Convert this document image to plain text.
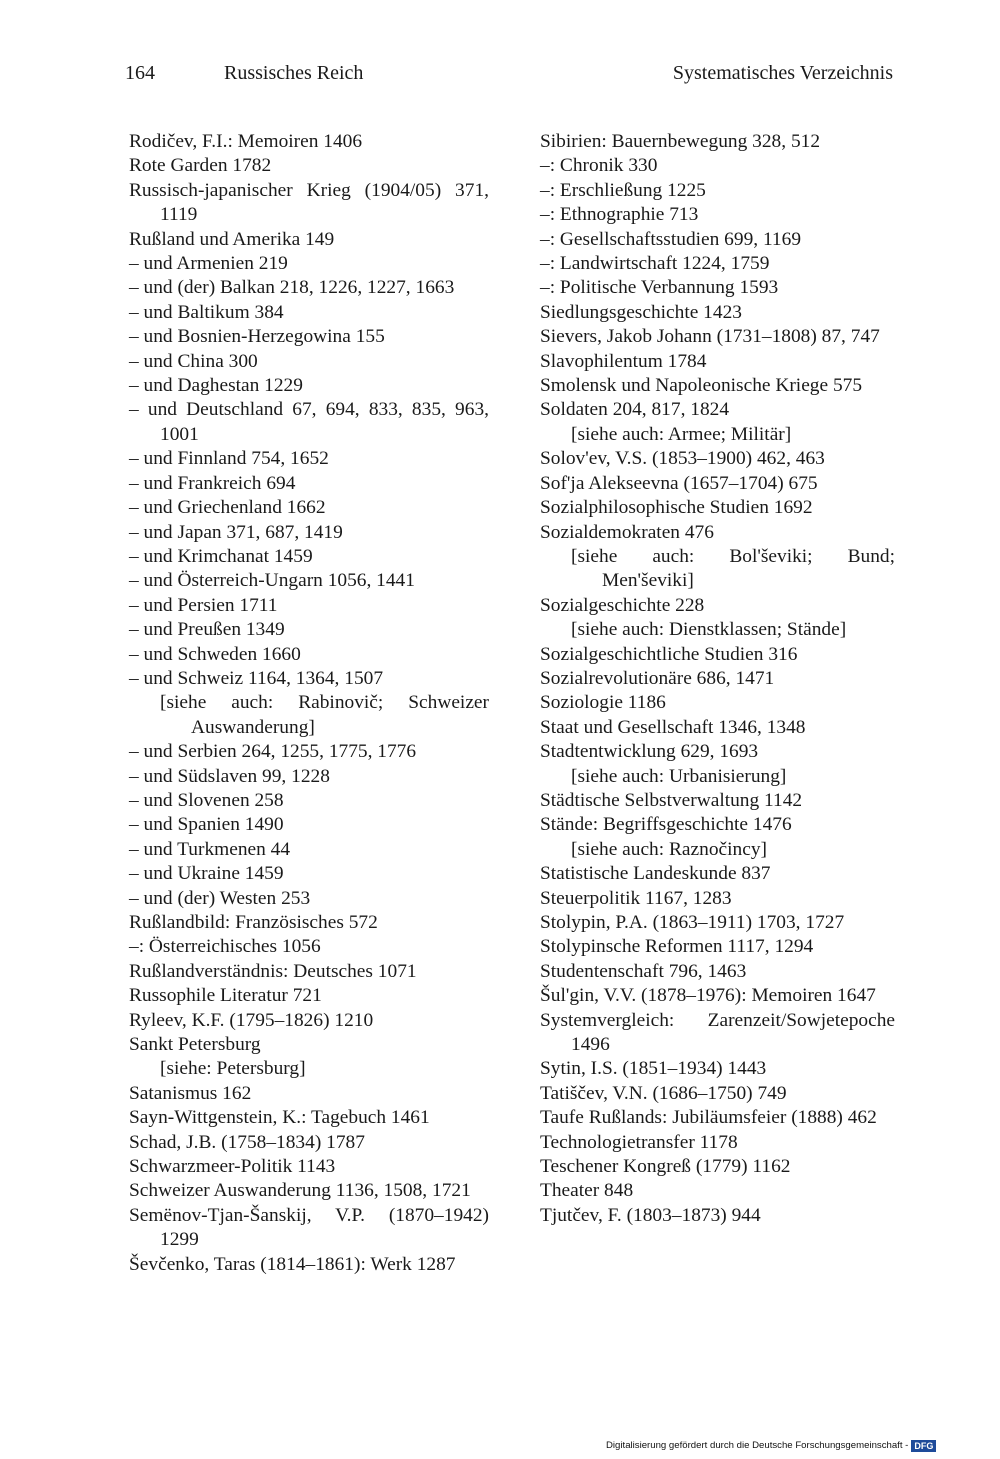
164	Russisches Reich	Systematisches Verzeichnis

Rodičev, F.I.: Memoiren 1406

Rote Garden 1782

Russisch-japanischer Krieg (1904/05) 371, 1119

Rußland und Amerika 149

– und Armenien 219

– und (der) Balkan 218, 1226, 1227, 1663

– und Baltikum 384

– und Bosnien-Herzegowina 155

– und China 300

– und Daghestan 1229

– und Deutschland 67, 694, 833, 835, 963, 1001

– und Finnland 754, 1652

– und Frankreich 694

– und Griechenland 1662

– und Japan 371, 687, 1419

– und Krimchanat 1459

– und Österreich-Ungarn 1056, 1441

– und Persien 1711

– und Preußen 1349

– und Schweden 1660

– und Schweiz 1164, 1364, 1507

[siehe auch: Rabinovič; Schweizer Auswanderung]

– und Serbien 264, 1255, 1775, 1776

– und Südslaven 99, 1228

– und Slovenen 258

– und Spanien 1490

– und Turkmenen 44

– und Ukraine 1459

– und (der) Westen 253

Rußlandbild: Französisches 572

–: Österreichisches 1056

Rußlandverständnis: Deutsches 1071

Russophile Literatur 721

Ryleev, K.F. (1795–1826) 1210

Sankt Petersburg

[siehe: Petersburg]

Satanismus 162

Sayn-Wittgenstein, K.: Tagebuch 1461

Schad, J.B. (1758–1834) 1787

Schwarzmeer-Politik 1143

Schweizer Auswanderung 1136, 1508, 1721

Semënov-Tjan-Šanskij, V.P. (1870–1942) 1299

Ševčenko, Taras (1814–1861): Werk 1287

Sibirien: Bauernbewegung 328, 512

–: Chronik 330

–: Erschließung 1225

–: Ethnographie 713

–: Gesellschaftsstudien 699, 1169

–: Landwirtschaft 1224, 1759

–: Politische Verbannung 1593

Siedlungsgeschichte 1423

Sievers, Jakob Johann (1731–1808) 87, 747

Slavophilentum 1784

Smolensk und Napoleonische Kriege 575

Soldaten 204, 817, 1824

[siehe auch: Armee; Militär]

Solov'ev, V.S. (1853–1900) 462, 463

Sof'ja Alekseevna (1657–1704) 675

Sozialphilosophische Studien 1692

Sozialdemokraten 476

[siehe auch: Bol'ševiki; Bund; Men'ševiki]

Sozialgeschichte 228

[siehe auch: Dienstklassen; Stände]

Sozialgeschichtliche Studien 316

Sozialrevolutionäre 686, 1471

Soziologie 1186

Staat und Gesellschaft 1346, 1348

Stadtentwicklung 629, 1693

[siehe auch: Urbanisierung]

Städtische Selbstverwaltung 1142

Stände: Begriffsgeschichte 1476

[siehe auch: Raznočincy]

Statistische Landeskunde 837

Steuerpolitik 1167, 1283

Stolypin, P.A. (1863–1911) 1703, 1727

Stolypinsche Reformen 1117, 1294

Studentenschaft 796, 1463

Šul'gin, V.V. (1878–1976): Memoiren 1647

Systemvergleich: Zarenzeit/Sowjetepoche 1496

Sytin, I.S. (1851–1934) 1443

Tatiščev, V.N. (1686–1750) 749

Taufe Rußlands: Jubiläumsfeier (1888) 462

Technologietransfer 1178

Teschener Kongreß (1779) 1162

Theater 848

Tjutčev, F. (1803–1873) 944

Digitalisierung gefördert durch die Deutsche Forschungsgemeinschaft - DFG
